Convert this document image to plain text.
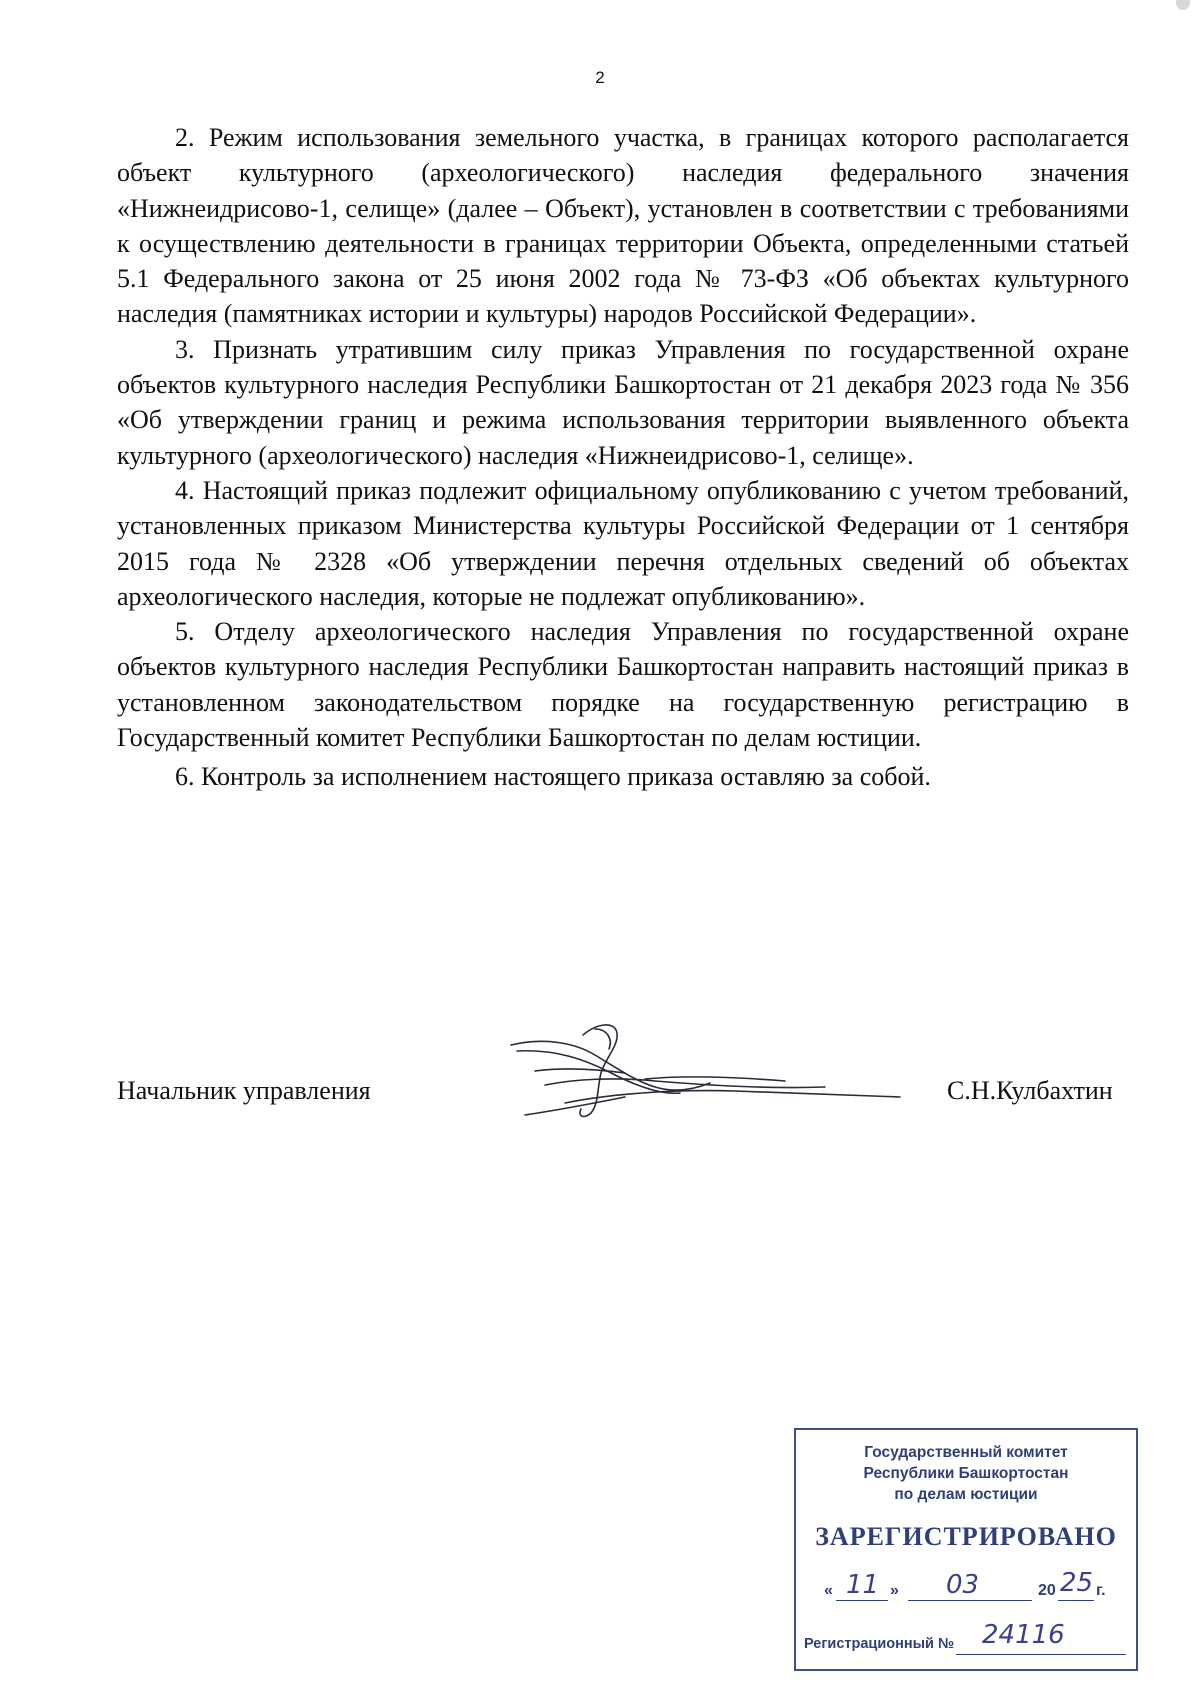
2

2. Режим использования земельного участка, в границах которого располагается объект культурного (археологического) наследия федерального значения «Нижнеидрисово-1, селище» (далее – Объект), установлен в соответствии с требованиями к осуществлению деятельности в границах территории Объекта, определенными статьей 5.1 Федерального закона от 25 июня 2002 года № 73-ФЗ «Об объектах культурного наследия (памятниках истории и культуры) народов Российской Федерации».

3. Признать утратившим силу приказ Управления по государственной охране объектов культурного наследия Республики Башкортостан от 21 декабря 2023 года № 356 «Об утверждении границ и режима использования территории выявленного объекта культурного (археологического) наследия «Нижнеидрисово-1, селище».

4. Настоящий приказ подлежит официальному опубликованию с учетом требований, установленных приказом Министерства культуры Российской Федерации от 1 сентября 2015 года № 2328 «Об утверждении перечня отдельных сведений об объектах археологического наследия, которые не подлежат опубликованию».

5. Отделу археологического наследия Управления по государственной охране объектов культурного наследия Республики Башкортостан направить настоящий приказ в установленном законодательством порядке на государственную регистрацию в Государственный комитет Республики Башкортостан по делам юстиции.

6. Контроль за исполнением настоящего приказа оставляю за собой.

Начальник управления	С.Н.Кулбахтин
Государственный комитет
Республики Башкортостан
по делам юстиции
ЗАРЕГИСТРИРОВАНО
« 11 » 03	20 25 г.
Регистрационный № 24116
